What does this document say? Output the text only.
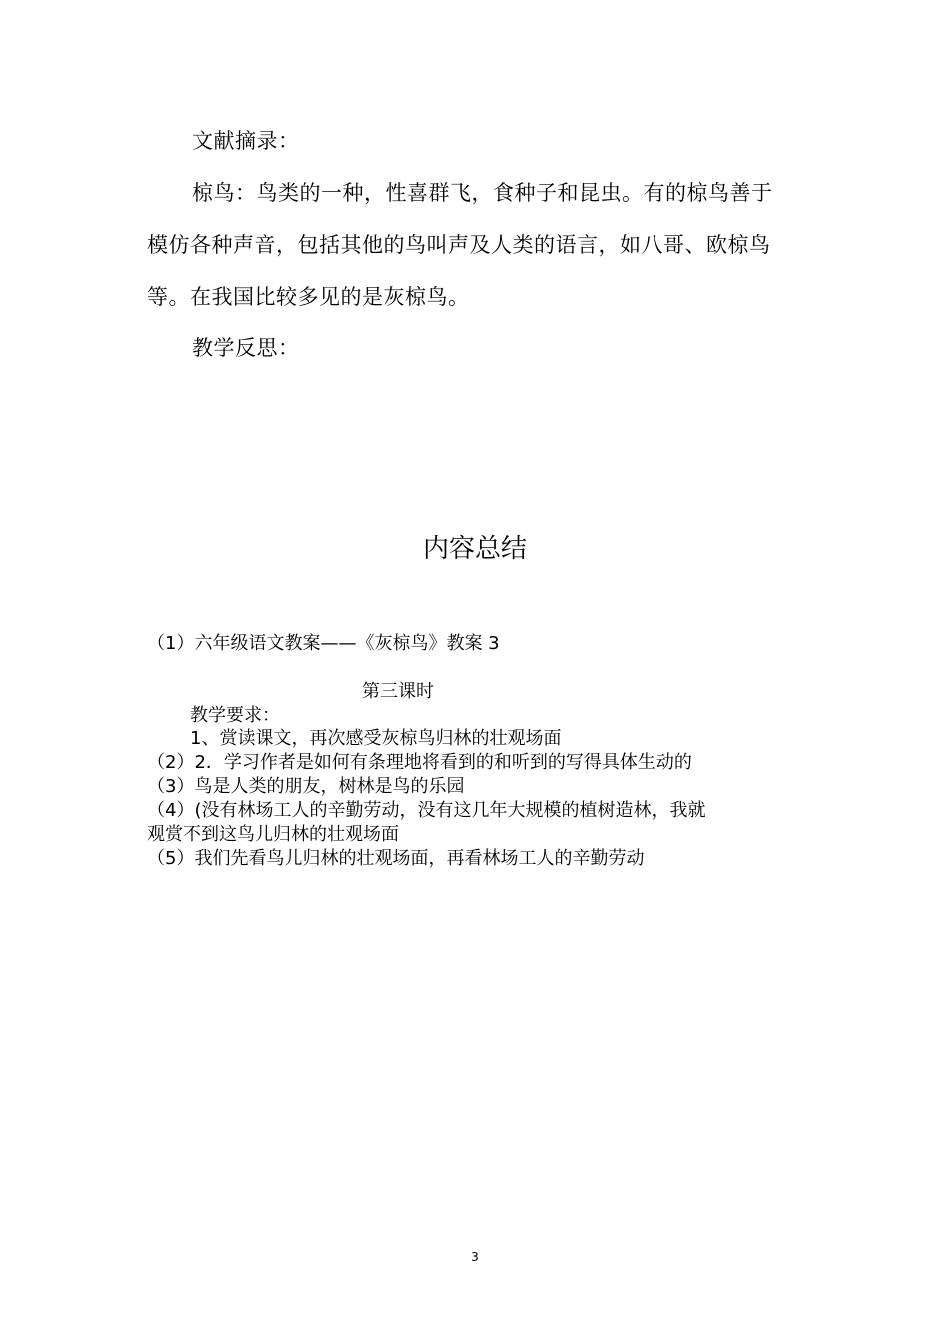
文献摘录：
椋鸟：鸟类的一种，性喜群飞，食种子和昆虫。有的椋鸟善于
模仿各种声音，包括其他的鸟叫声及人类的语言，如八哥、欧椋鸟
等。在我国比较多见的是灰椋鸟。
教学反思：
内容总结
（1）六年级语文教案——《灰椋鸟》教案 3
第三课时
教学要求：
1、赏读课文，再次感受灰椋鸟归林的壮观场面
（2）2．学习作者是如何有条理地将看到的和听到的写得具体生动的
（3）鸟是人类的朋友，树林是鸟的乐园
（4）(没有林场工人的辛勤劳动，没有这几年大规模的植树造林，我就
观赏不到这鸟儿归林的壮观场面
（5）我们先看鸟儿归林的壮观场面，再看林场工人的辛勤劳动
3
